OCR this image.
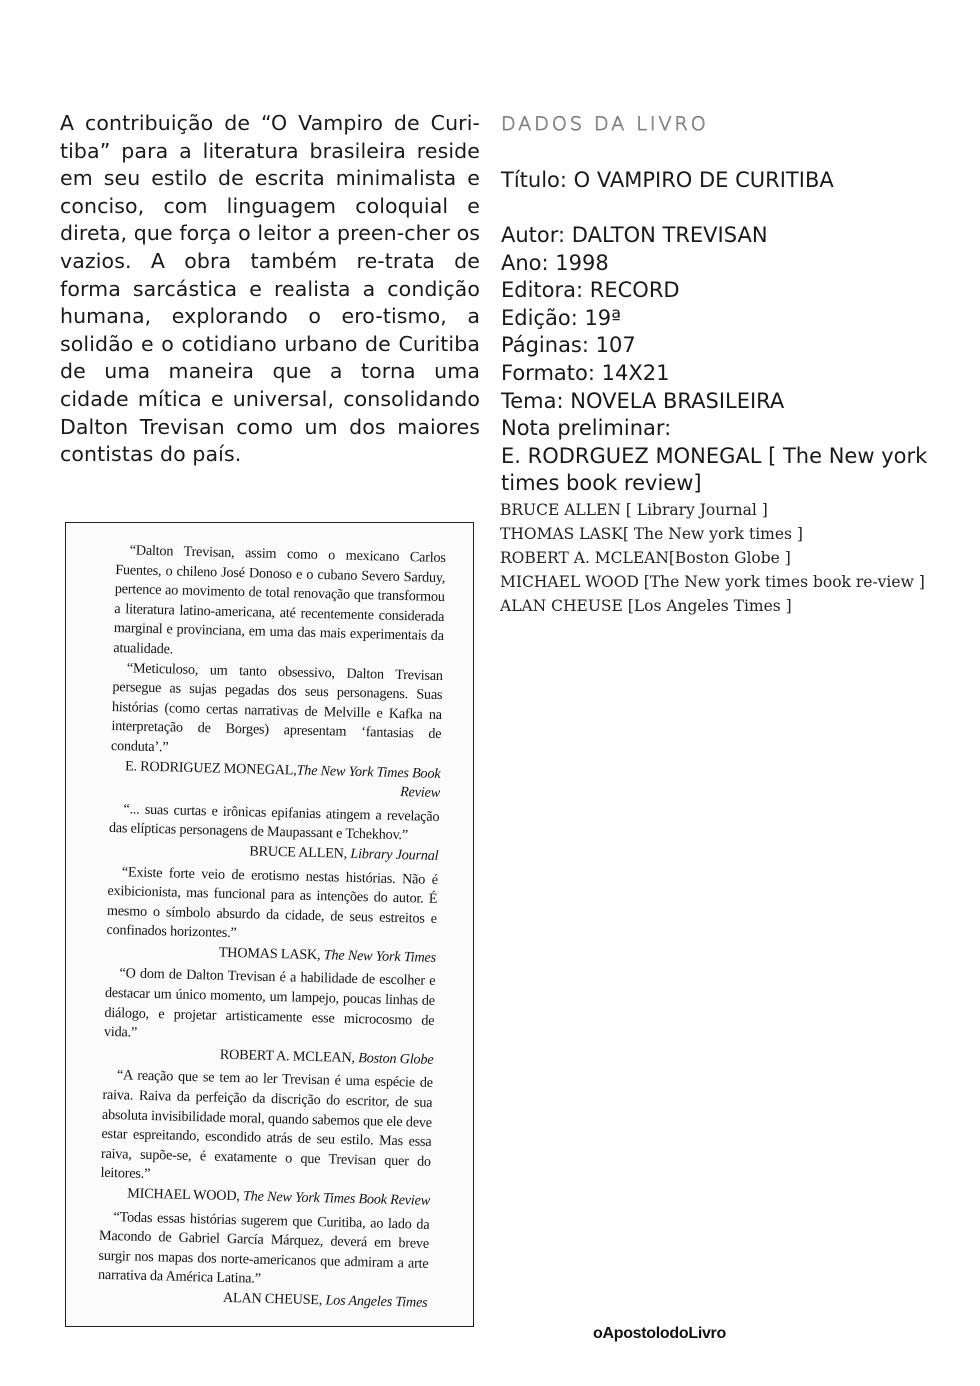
A contribuição de “O Vampiro de Curi-tiba” para a literatura brasileira reside em seu estilo de escrita minimalista e conciso, com linguagem coloquial e direta, que força o leitor a preen-cher os vazios. A obra também re-trata de forma sarcástica e realista a condição humana, explorando o ero-tismo, a solidão e o cotidiano urbano de Curitiba de uma maneira que a torna uma cidade mítica e universal, consolidando Dalton Trevisan como um dos maiores contistas do país.

DADOS DA LIVRO
Título: O VAMPIRO DE CURITIBA
Autor: DALTON TREVISAN
Ano: 1998
Editora: RECORD
Edição: 19ª
Páginas: 107
Formato: 14X21
Tema: NOVELA BRASILEIRA
Nota preliminar:
E. RODRGUEZ MONEGAL [ The New york times book review]
BRUCE ALLEN [ Library Journal ]
THOMAS LASK[ The New york times ]
ROBERT A. MCLEAN[Boston Globe ]
MICHAEL WOOD [The New york times book re-view ]
ALAN CHEUSE [Los Angeles Times ]

“Dalton Trevisan, assim como o mexicano Carlos Fuentes, o chileno José Donoso e o cubano Severo Sarduy, pertence ao movimento de total renovação que transformou a literatura latino-americana, até recentemente considerada marginal e provinciana, em uma das mais experimentais da atualidade.

“Meticuloso, um tanto obsessivo, Dalton Trevisan persegue as sujas pegadas dos seus personagens. Suas histórias (como certas narrativas de Melville e Kafka na interpretação de Borges) apresentam ‘fantasias de conduta’.”

E. RODRIGUEZ MONEGAL,The New York Times Book Review

“... suas curtas e irônicas epifanias atingem a revelação das elípticas personagens de Maupassant e Tchekhov.”

BRUCE ALLEN, Library Journal

“Existe forte veio de erotismo nestas histórias. Não é exibicionista, mas funcional para as intenções do autor. É mesmo o símbolo absurdo da cidade, de seus estreitos e confinados horizontes.”

THOMAS LASK, The New York Times

“O dom de Dalton Trevisan é a habilidade de escolher e destacar um único momento, um lampejo, poucas linhas de diálogo, e projetar artisticamente esse microcosmo de vida.”

ROBERT A. MCLEAN, Boston Globe

“A reação que se tem ao ler Trevisan é uma espécie de raiva. Raiva da perfeição da discrição do escritor, de sua absoluta invisibilidade moral, quando sabemos que ele deve estar espreitando, escondido atrás de seu estilo. Mas essa raiva, supõe-se, é exatamente o que Trevisan quer do leitores.”

MICHAEL WOOD, The New York Times Book Review

“Todas essas histórias sugerem que Curitiba, ao lado da Macondo de Gabriel García Márquez, deverá em breve surgir nos mapas dos norte-americanos que admiram a arte narrativa da América Latina.”

ALAN CHEUSE, Los Angeles Times

oApostolodoLivro
